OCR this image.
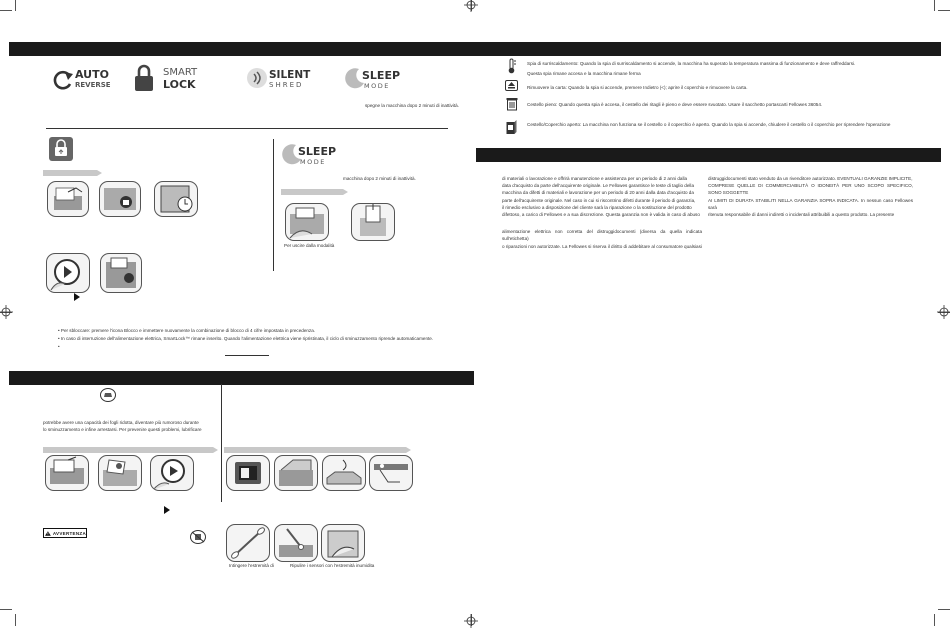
AUTO
REVERSE
SMART
LOCK
SILENT
SHRED
SLEEP
MODE
spegne la macchina dopo 2 minuti di inattività.
SLEEP
MODE
macchina dopo 2 minuti di inattività.
Per uscire dalla modalità
• Per sbloccare: premere l'icona Blocco e immettere nuovamente la combinazione di blocco di 4 cifre impostata in precedenza.
• In caso di interruzione dell'alimentazione elettrica, SmartLock™ rimane inserito. Quando l'alimentazione elettrica viene ripristinata, il ciclo di sminuzzamento riprende automaticamente.
•
potrebbe avere una capacità dei fogli ridotta, diventare più rumoroso durante
lo sminuzzamento e infine arrestarsi. Per prevenire questi problemi, lubrificare
AVVERTENZA
Intingere l'estremità di	Ripulire i sensori con l'estremità inumidita
Spia di surriscaldamento: Quando la spia di surriscaldamento si accende, la macchina ha superato la temperatura massima di funzionamento e deve raffreddarsi.
Questa spia rimane accesa e la macchina rimane ferma
Rimuovere la carta: Quando la spia si accende, premere Indietro (<); aprire il coperchio e rimuovere la carta.
Cestello pieno: Quando questa spia è accesa, il cestello dei ritagli è pieno e deve essere svuotato. Usare il sacchetto portascarti Fellowes 36054.
Cestello/Coperchio aperto: La macchina non funziona se il cestello o il coperchio è aperto. Quando la spia si accende, chiudere il cestello o il coperchio per riprendere l'operazione
di materiali o lavorazione e offrirà manutenzione e assistenza per un periodo di 2 anni dalla
data d'acquisto da parte dell'acquirente originale. Le Fellowes garantisce le teste di taglio della
macchina da difetti di materiali e lavorazione per un periodo di 20 anni dalla data d'acquisto da
parte dell'acquirente originale. Nel caso in cui si riscontrino difetti durante il periodo di garanzia,
il rimedio esclusivo a disposizione del cliente sarà la riparazione o la sostituzione del prodotto
difettoso, a carico di Fellowes e a sua discrezione. Questa garanzia non è valida in caso di abuso
alimentazione elettrica non corretta del distruggidocumenti (diversa da quella indicata sull'etichetta)
o riparazioni non autorizzate. La Fellowes si riserva il diritto di addebitare al consumatore qualsiasi
distruggidocumenti stato venduto da un rivenditore autorizzato. EVENTUALI GARANZIE IMPLICITE,
COMPRESE QUELLE DI COMMERCIABILITÀ O IDONEITÀ PER UNO SCOPO SPECIFICO, SONO SOGGETTE
AI LIMITI DI DURATA STABILITI NELLA GARANZIA SOPRA INDICATA. In nessun caso Fellowes sarà
ritenuta responsabile di danni indiretti o incidentali attribuibili a questo prodotto. La presente
